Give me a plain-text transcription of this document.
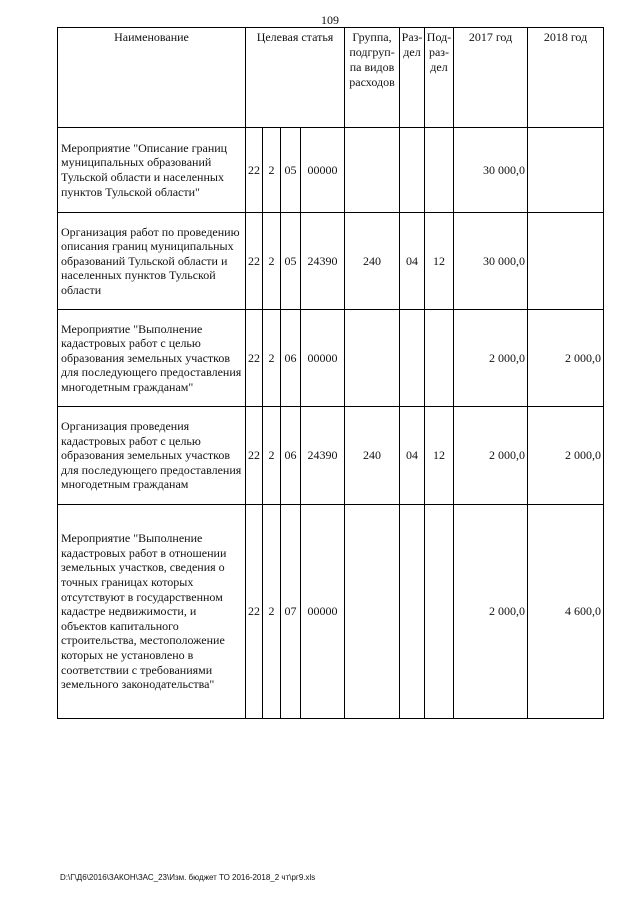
109
Наименование	Целевая статья				Группа, подгруп-па видов расходов	Раз-дел	Под-раз-дел	2017 год	2018 год
Мероприятие "Описание границ муниципальных образований Тульской области и населенных пунктов Тульской области"	22	2	05	00000				30 000,0	
Организация работ по проведению описания границ муниципальных образований Тульской области и населенных пунктов Тульской области	22	2	05	24390	240	04	12	30 000,0	
Мероприятие "Выполнение кадастровых работ с целью образования земельных участков для последующего предоставления многодетным гражданам"	22	2	06	00000				2 000,0	2 000,0
Организация проведения кадастровых работ с целью образования земельных участков для последующего предоставления многодетным гражданам	22	2	06	24390	240	04	12	2 000,0	2 000,0
Мероприятие "Выполнение кадастровых работ в отношении земельных участков, сведения о точных границах которых отсутствуют в государственном кадастре недвижимости, и объектов капитального строительства, местоположение которых не установлено в соответствии с требованиями земельного законодательства"	22	2	07	00000				2 000,0	4 600,0
D:\Г\Д6\2016\ЗАКОН\ЗАС_23\Изм. бюджет ТО 2016-2018_2 чт\рг9.xls
